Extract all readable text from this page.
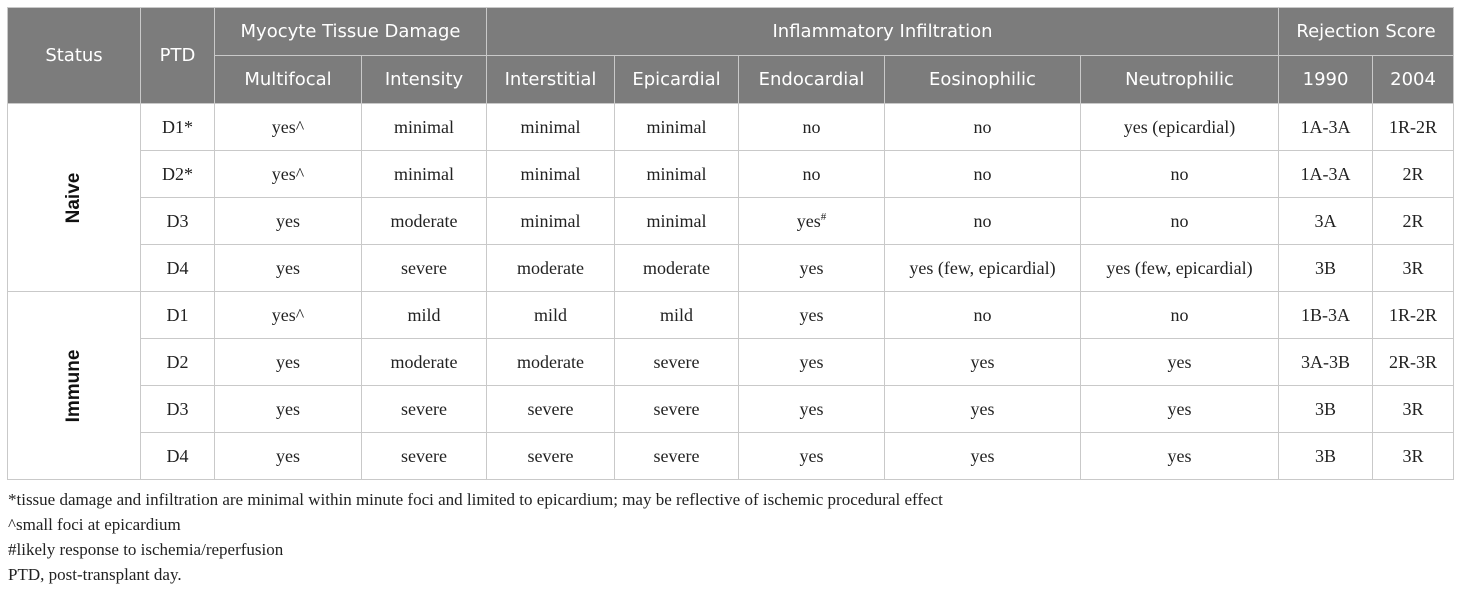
Status	PTD	Myocyte Tissue Damage		Inflammatory Infiltration					Rejection Score	
		Multifocal	Intensity	Interstitial	Epicardial	Endocardial	Eosinophilic	Neutrophilic	1990	2004

Naive	D1*	yes^	minimal	minimal	minimal	no	no	yes (epicardial)	1A-3A	1R-2R
	D2*	yes^	minimal	minimal	minimal	no	no	no	1A-3A	2R
	D3	yes	moderate	minimal	minimal	yes#	no	no	3A	2R
	D4	yes	severe	moderate	moderate	yes	yes (few, epicardial)	yes (few, epicardial)	3B	3R

Immune	D1	yes^	mild	mild	mild	yes	no	no	1B-3A	1R-2R
	D2	yes	moderate	moderate	severe	yes	yes	yes	3A-3B	2R-3R
	D3	yes	severe	severe	severe	yes	yes	yes	3B	3R
	D4	yes	severe	severe	severe	yes	yes	yes	3B	3R
*tissue damage and infiltration are minimal within minute foci and limited to epicardium; may be reflective of ischemic procedural effect
^small foci at epicardium
#likely response to ischemia/reperfusion
PTD, post-transplant day.
